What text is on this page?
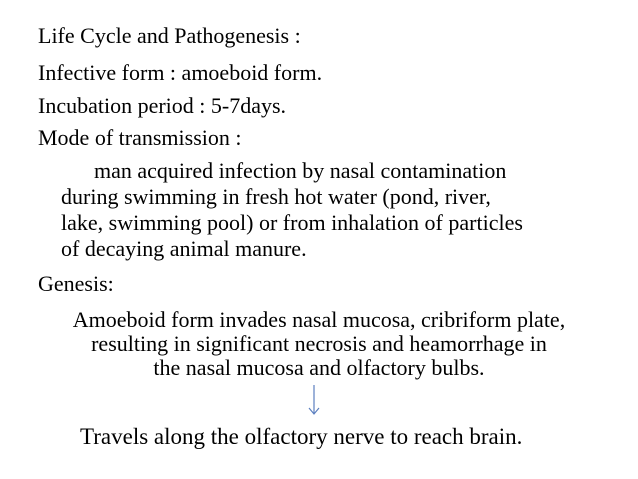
Life Cycle and Pathogenesis :
Infective form : amoeboid form.
Incubation period : 5-7days.
Mode of transmission :
man acquired infection by nasal contamination
during swimming in fresh hot water (pond, river,
lake, swimming pool) or from inhalation of particles
of decaying animal manure.
Genesis:
Amoeboid form invades nasal mucosa, cribriform plate,
resulting in significant necrosis and heamorrhage in
the nasal mucosa and olfactory bulbs.
Travels along the olfactory nerve to reach brain.
